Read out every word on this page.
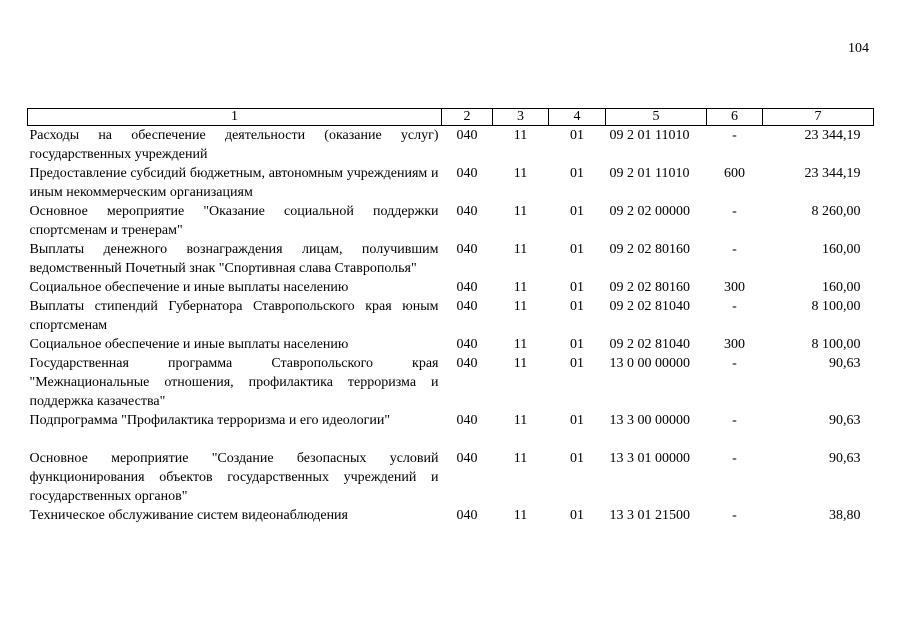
104
1	2	3	4	5	6	7
Расходы на обеспечение деятельности (оказание услуг) государственных учреждений	040	11	01	09 2 01 11010	-	23 344,19
Предоставление субсидий бюджетным, автономным учреждениям и иным некоммерческим организациям	040	11	01	09 2 01 11010	600	23 344,19
Основное мероприятие "Оказание социальной поддержки спортсменам и тренерам"	040	11	01	09 2 02 00000	-	8 260,00
Выплаты денежного вознаграждения лицам, получившим ведомственный Почетный знак "Спортивная слава Ставрополья"	040	11	01	09 2 02 80160	-	160,00
Социальное обеспечение и иные выплаты населению	040	11	01	09 2 02 80160	300	160,00
Выплаты стипендий Губернатора Ставропольского края юным спортсменам	040	11	01	09 2 02 81040	-	8 100,00
Социальное обеспечение и иные выплаты населению	040	11	01	09 2 02 81040	300	8 100,00
Государственная программа Ставропольского края "Межнациональные отношения, профилактика терроризма и поддержка казачества"	040	11	01	13 0 00 00000	-	90,63
Подпрограмма "Профилактика терроризма и его идеологии"	040	11	01	13 3 00 00000	-	90,63
Основное мероприятие "Создание безопасных условий функционирования объектов государственных учреждений и государственных органов"	040	11	01	13 3 01 00000	-	90,63
Техническое обслуживание систем видеонаблюдения	040	11	01	13 3 01 21500	-	38,80
